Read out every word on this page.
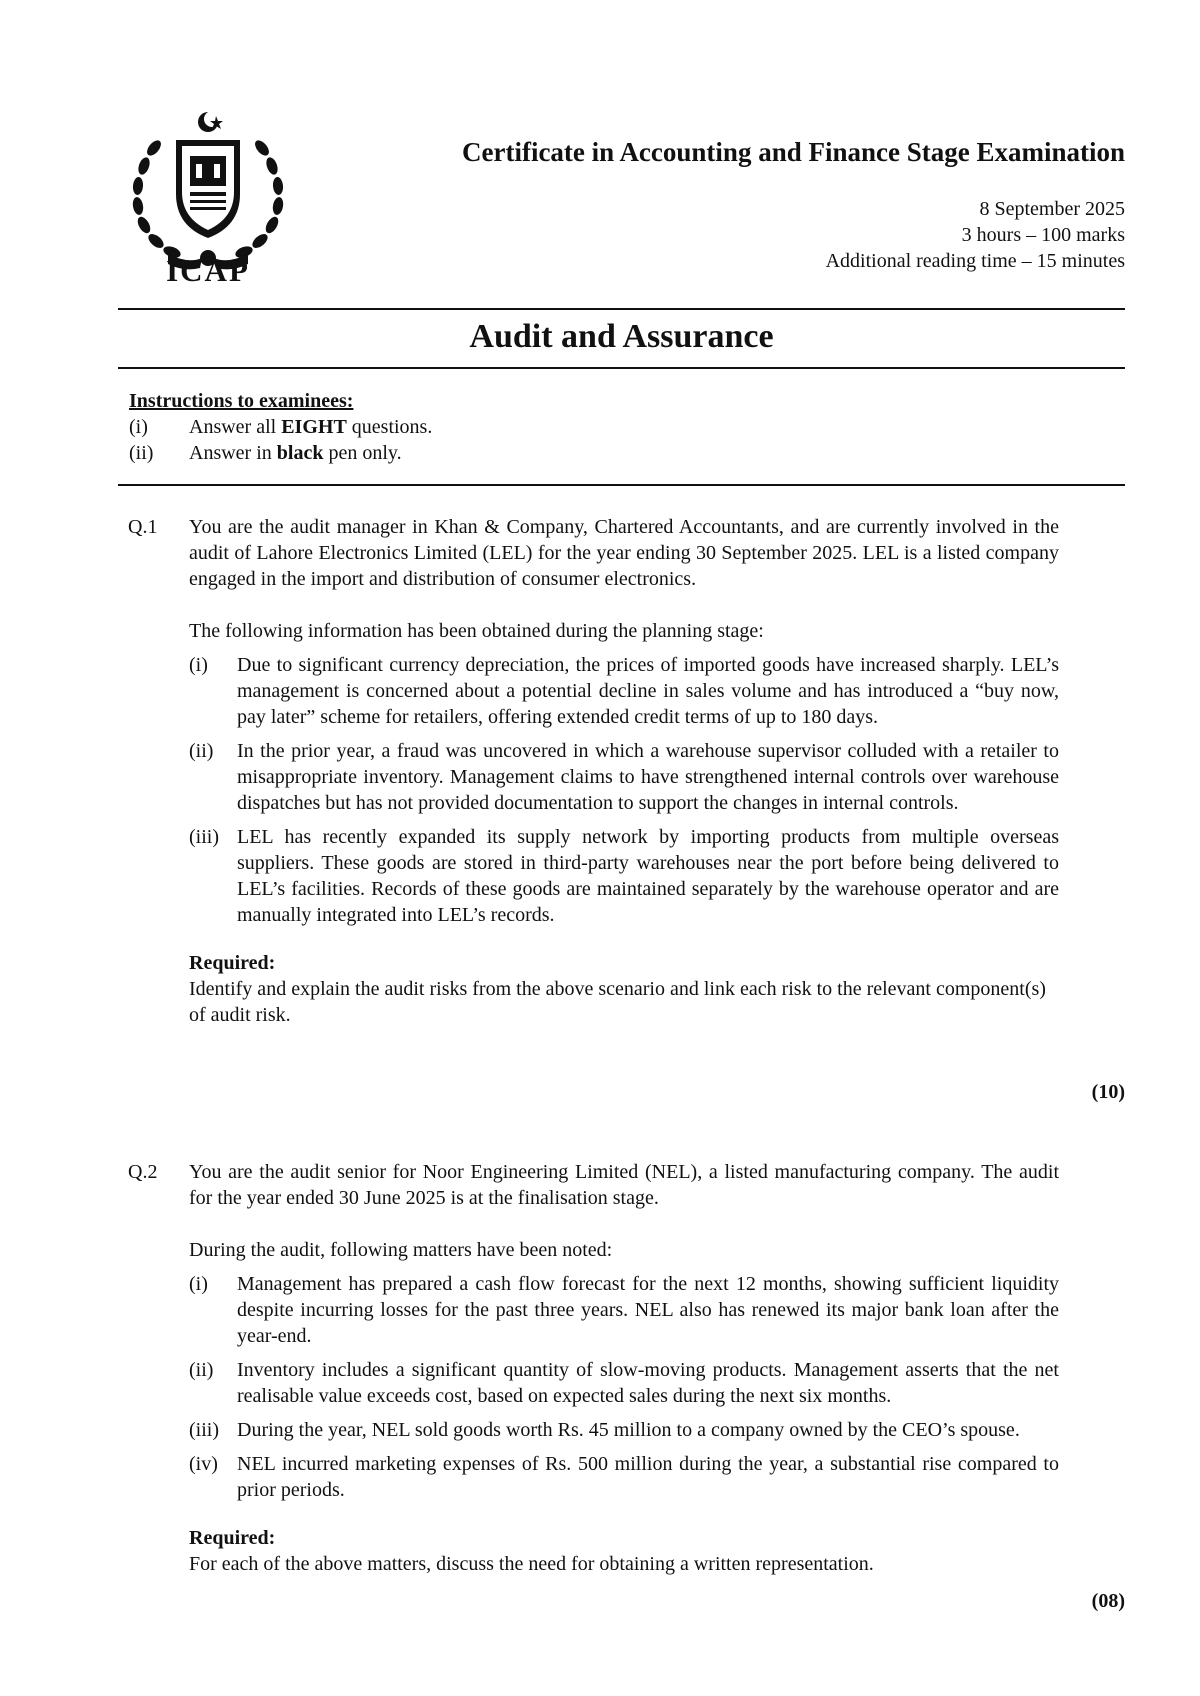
ICAP
Certificate in Accounting and Finance Stage Examination
8 September 2025
3 hours – 100 marks
Additional reading time – 15 minutes
Audit and Assurance
Instructions to examinees:
(i) Answer all EIGHT questions.
(ii) Answer in black pen only.
Q.1 You are the audit manager in Khan & Company, Chartered Accountants, and are currently involved in the audit of Lahore Electronics Limited (LEL) for the year ending 30 September 2025. LEL is a listed company engaged in the import and distribution of consumer electronics.

The following information has been obtained during the planning stage:

(i) Due to significant currency depreciation, the prices of imported goods have increased sharply. LEL’s management is concerned about a potential decline in sales volume and has introduced a “buy now, pay later” scheme for retailers, offering extended credit terms of up to 180 days.

(ii) In the prior year, a fraud was uncovered in which a warehouse supervisor colluded with a retailer to misappropriate inventory. Management claims to have strengthened internal controls over warehouse dispatches but has not provided documentation to support the changes in internal controls.

(iii) LEL has recently expanded its supply network by importing products from multiple overseas suppliers. These goods are stored in third-party warehouses near the port before being delivered to LEL’s facilities. Records of these goods are maintained separately by the warehouse operator and are manually integrated into LEL’s records.

Required:

Identify and explain the audit risks from the above scenario and link each risk to the relevant component(s) of audit risk.

(10)
Q.2 You are the audit senior for Noor Engineering Limited (NEL), a listed manufacturing company. The audit for the year ended 30 June 2025 is at the finalisation stage.

During the audit, following matters have been noted:

(i) Management has prepared a cash flow forecast for the next 12 months, showing sufficient liquidity despite incurring losses for the past three years. NEL also has renewed its major bank loan after the year-end.

(ii) Inventory includes a significant quantity of slow-moving products. Management asserts that the net realisable value exceeds cost, based on expected sales during the next six months.

(iii) During the year, NEL sold goods worth Rs. 45 million to a company owned by the CEO’s spouse.

(iv) NEL incurred marketing expenses of Rs. 500 million during the year, a substantial rise compared to prior periods.

Required:

For each of the above matters, discuss the need for obtaining a written representation.

(08)
